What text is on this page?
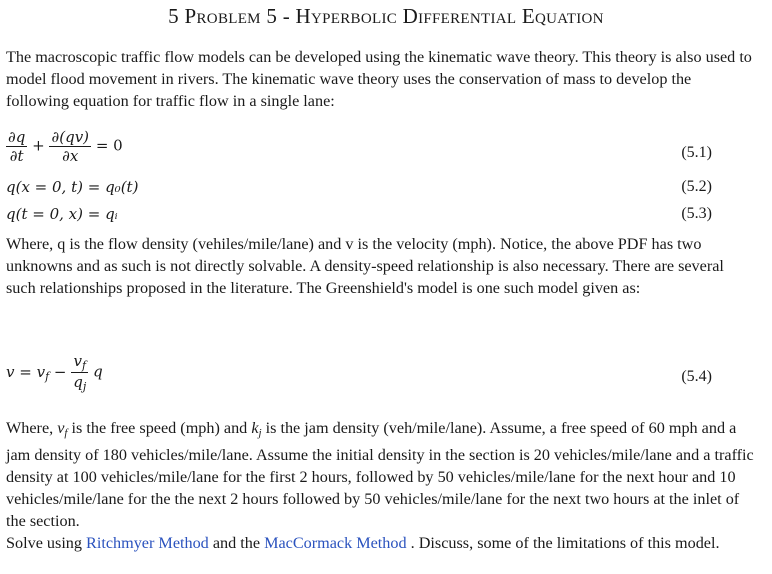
5 Problem 5 - Hyperbolic Differential Equation
The macroscopic traffic flow models can be developed using the kinematic wave theory. This theory is also used to model flood movement in rivers. The kinematic wave theory uses the conservation of mass to develop the following equation for traffic flow in a single lane:
$\frac{\partial q}{\partial t} + \frac{\partial(qv)}{\partial x} = 0$	(5.1)
q(x = 0, t) = q₀(t)	(5.2)
q(t = 0, x) = qᵢ	(5.3)
Where, q is the flow density (vehiles/mile/lane) and v is the velocity (mph). Notice, the above PDF has two unknowns and as such is not directly solvable. A density-speed relationship is also necessary. There are several such relationships proposed in the literature. The Greenshield's model is one such model given as:
$v = v_f - \frac{v_f}{q_j}$ q	(5.4)
Where, $v_f$ is the free speed (mph) and $k_j$ is the jam density (veh/mile/lane). Assume, a free speed of 60 mph and a jam density of 180 vehicles/mile/lane. Assume the initial density in the section is 20 vehicles/mile/lane and a traffic density at 100 vehicles/mile/lane for the first 2 hours, followed by 50 vehicles/mile/lane for the next hour and 10 vehicles/mile/lane for the the next 2 hours followed by 50 vehicles/mile/lane for the next two hours at the inlet of the section.
Solve using Ritchmyer Method and the MacCormack Method . Discuss, some of the limitations of this model.
